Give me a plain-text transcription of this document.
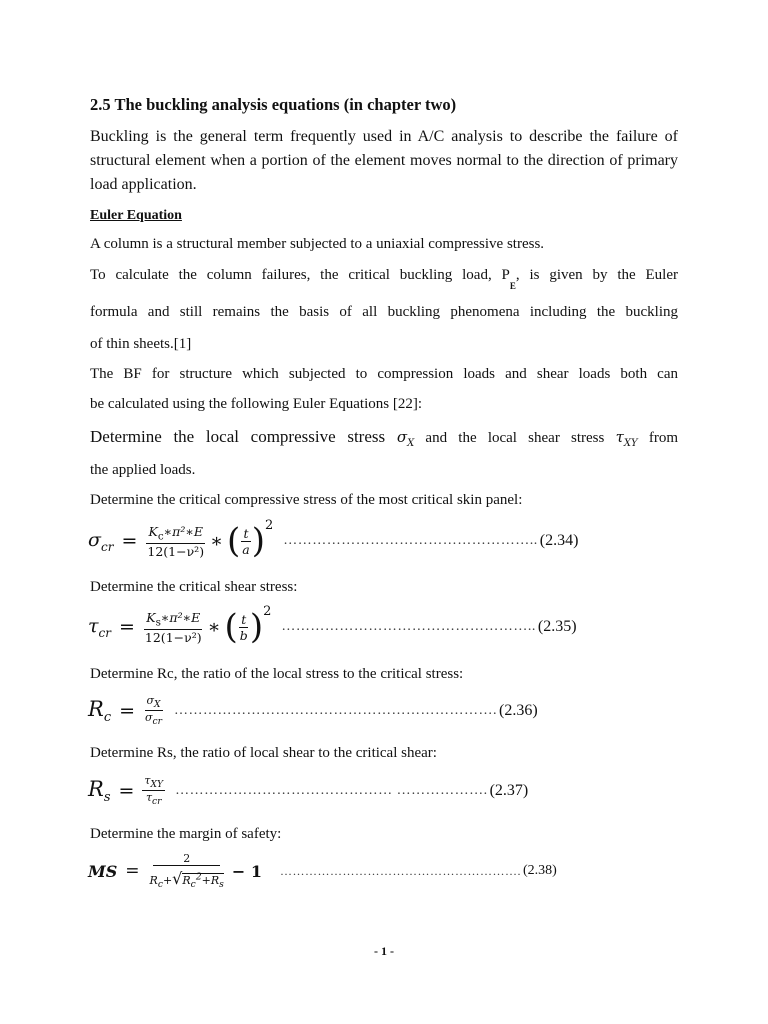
2.5 The buckling analysis equations (in chapter two)
Buckling is the general term frequently used in A/C analysis to describe the failure of structural element when a portion of the element moves normal to the direction of primary load application.
Euler Equation
A column is a structural member subjected to a uniaxial compressive stress.
To calculate the column failures, the critical buckling load, $P_E$, is given by the Euler
formula and still remains the basis of all buckling phenomena including the buckling
of thin sheets.[1]
The BF for structure which subjected to compression loads and shear loads both can
be calculated using the following Euler Equations [22]:
Determine the local compressive stress $\sigma_X$ and the local shear stress $\tau_{XY}$ from
the applied loads.
Determine the critical compressive stress of the most critical skin panel:
$\sigma_{cr} = \frac{K_c∗\pi^2∗E}{\text{12(1−ν²)}}$ ∗ ( $\frac{t}{a}$ ) 2
…………………………………………….. (2.34)
Determine the critical shear stress:
$\tau_{cr} = \frac{K_s∗\pi^2∗E}{\text{12(1−ν²)}}$ ∗ ( $\frac{t}{b}$ ) 2
…………………………………………….. (2.35)
Determine Rc, the ratio of the local stress to the critical stress:
$R_c = \frac{\sigma_X}{\sigma_{cr}}$ …………………………………………………………. (2.36)
Determine Rs, the ratio of local shear to the critical shear:
$R_s = \frac{\tau_{XY}}{\tau_{cr}}$ ……………………………………… ………………. (2.37)
Determine the margin of safety:
MS = $\frac{2}{R_c+√R_c^2+R_s} - 1$ …………………………………………………. (2.38)
- 1 -
